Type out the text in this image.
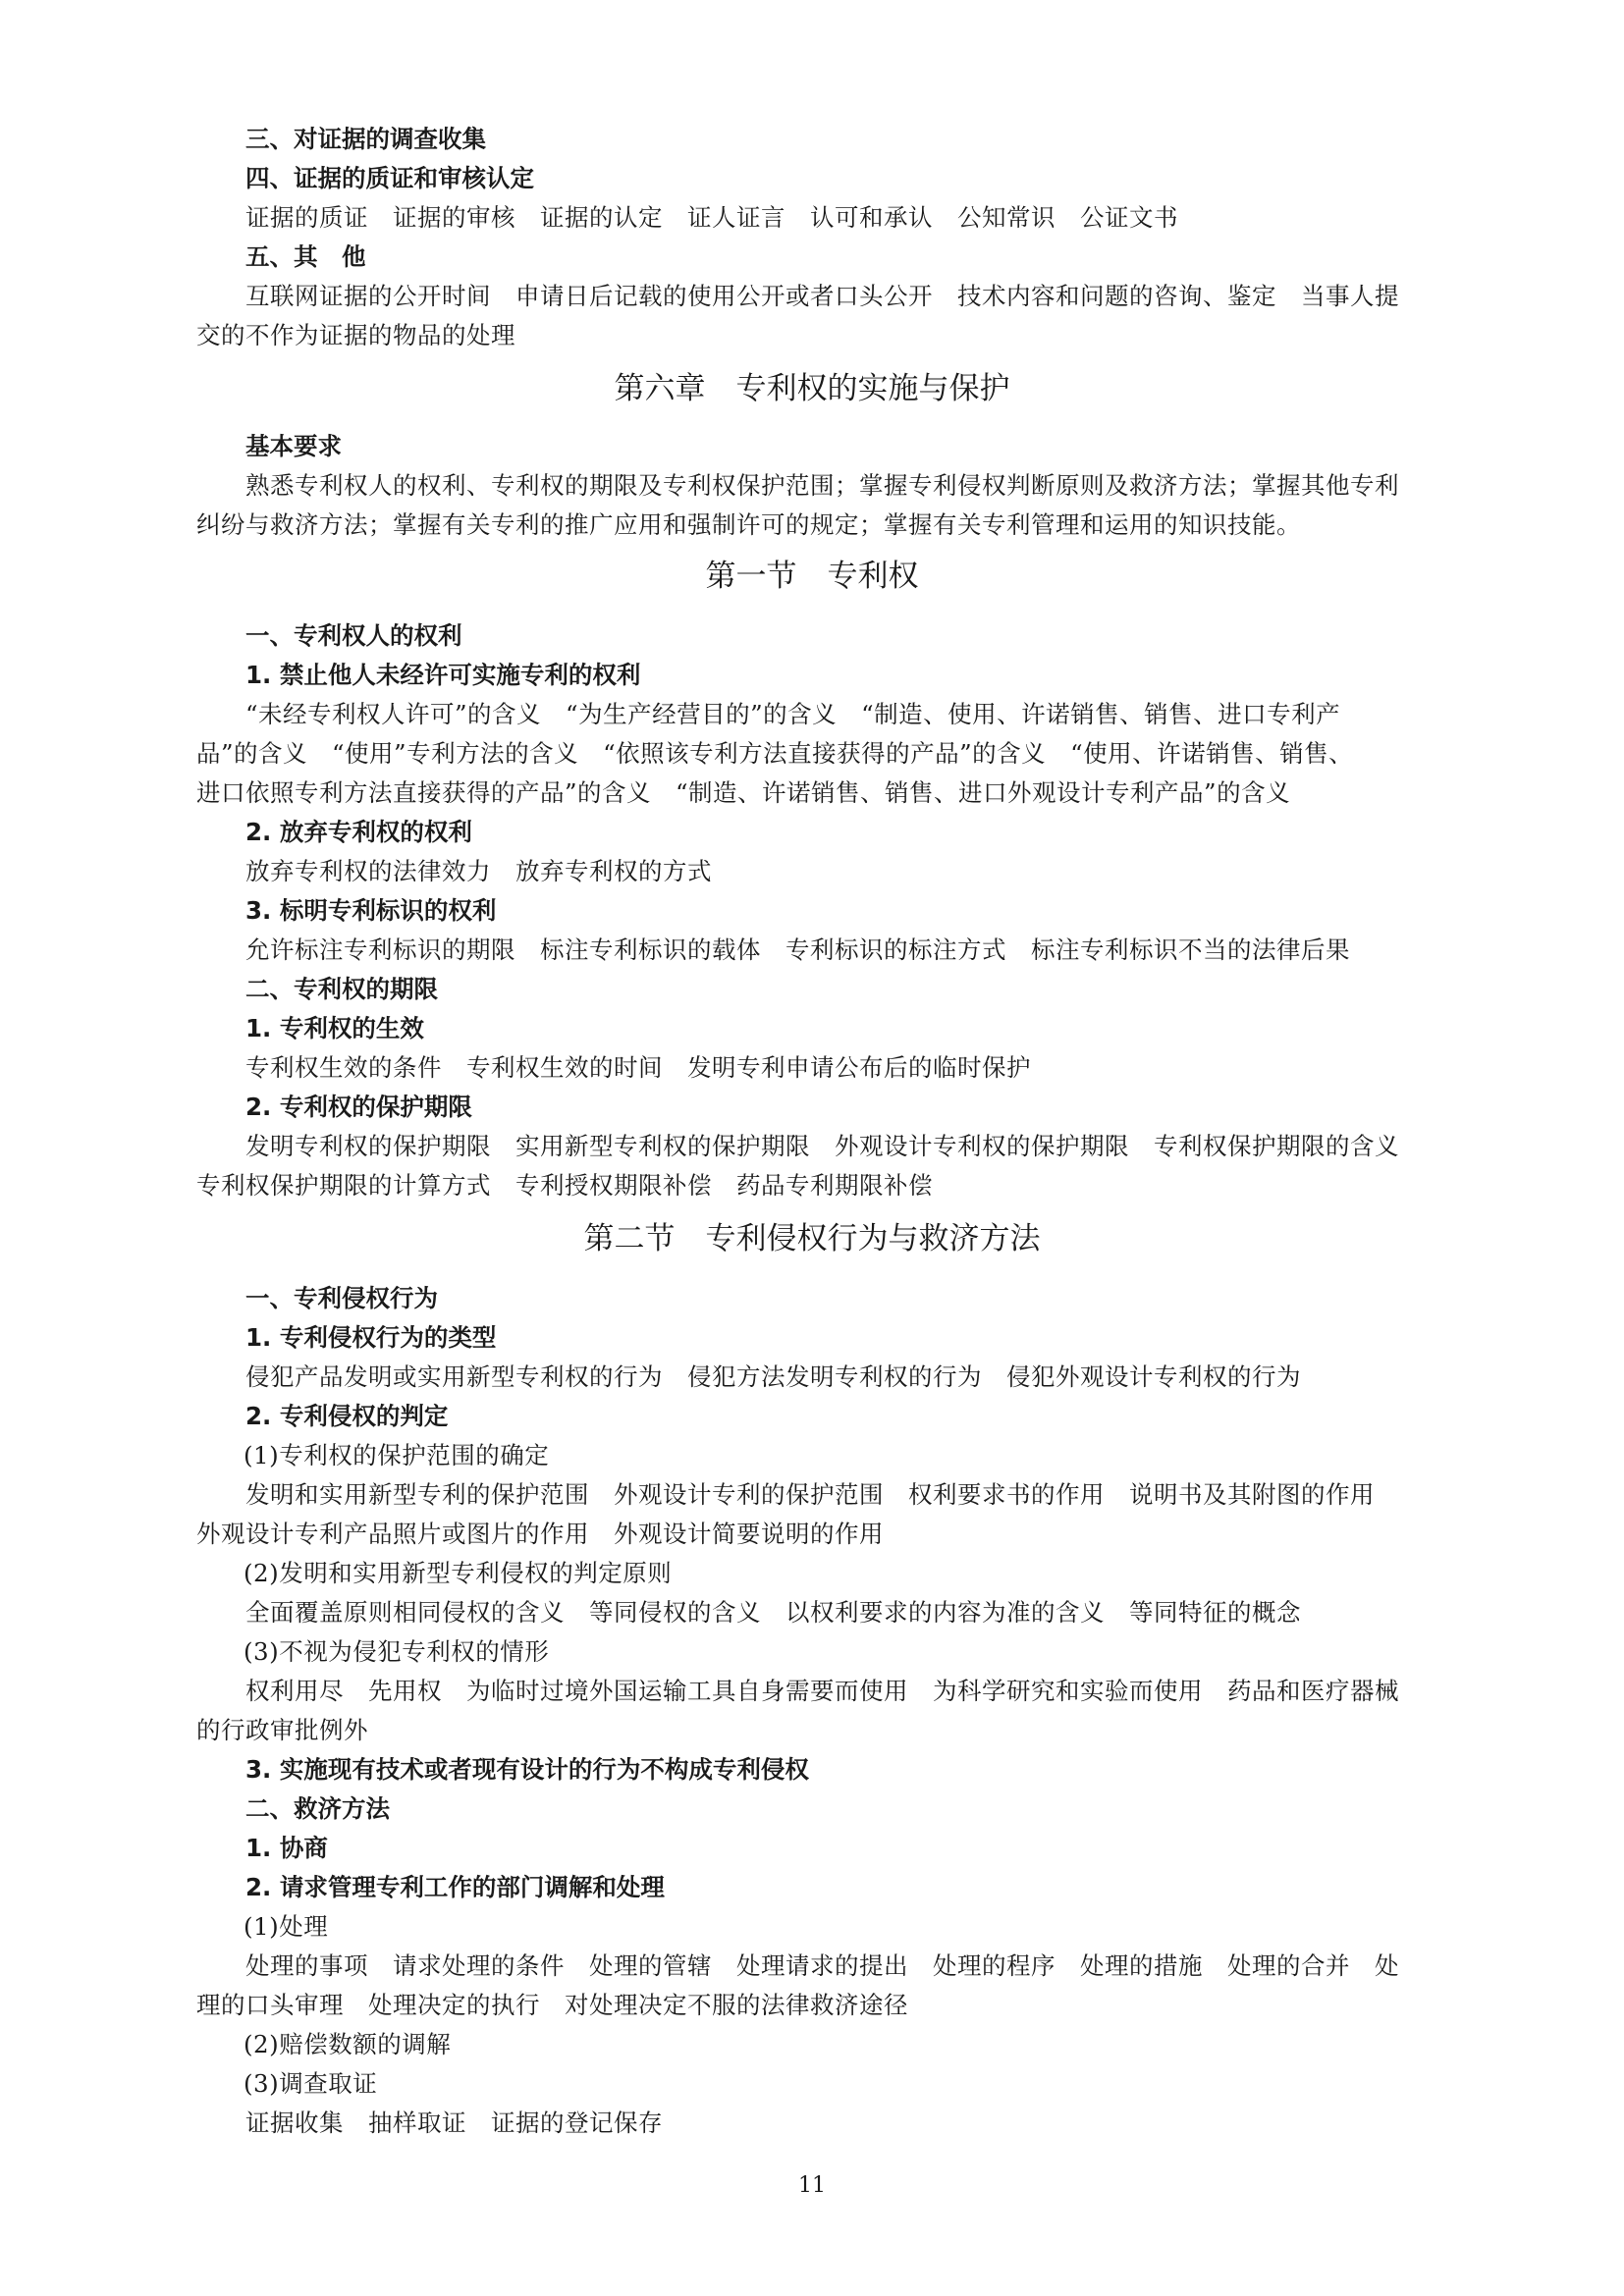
三、对证据的调查收集
四、证据的质证和审核认定
证据的质证　证据的审核　证据的认定　证人证言　认可和承认　公知常识　公证文书
五、其　他
互联网证据的公开时间　申请日后记载的使用公开或者口头公开　技术内容和问题的咨询、鉴定　当事人提
交的不作为证据的物品的处理
第六章　专利权的实施与保护
基本要求
熟悉专利权人的权利、专利权的期限及专利权保护范围；掌握专利侵权判断原则及救济方法；掌握其他专利
纠纷与救济方法；掌握有关专利的推广应用和强制许可的规定；掌握有关专利管理和运用的知识技能。
第一节　专利权
一、专利权人的权利
1. 禁止他人未经许可实施专利的权利
“未经专利权人许可”的含义　“为生产经营目的”的含义　“制造、使用、许诺销售、销售、进口专利产
品”的含义　“使用”专利方法的含义　“依照该专利方法直接获得的产品”的含义　“使用、许诺销售、销售、
进口依照专利方法直接获得的产品”的含义　“制造、许诺销售、销售、进口外观设计专利产品”的含义
2. 放弃专利权的权利
放弃专利权的法律效力　放弃专利权的方式
3. 标明专利标识的权利
允许标注专利标识的期限　标注专利标识的载体　专利标识的标注方式　标注专利标识不当的法律后果
二、专利权的期限
1. 专利权的生效
专利权生效的条件　专利权生效的时间　发明专利申请公布后的临时保护
2. 专利权的保护期限
发明专利权的保护期限　实用新型专利权的保护期限　外观设计专利权的保护期限　专利权保护期限的含义
专利权保护期限的计算方式　专利授权期限补偿　药品专利期限补偿
第二节　专利侵权行为与救济方法
一、专利侵权行为
1. 专利侵权行为的类型
侵犯产品发明或实用新型专利权的行为　侵犯方法发明专利权的行为　侵犯外观设计专利权的行为
2. 专利侵权的判定
(1)专利权的保护范围的确定
发明和实用新型专利的保护范围　外观设计专利的保护范围　权利要求书的作用　说明书及其附图的作用
外观设计专利产品照片或图片的作用　外观设计简要说明的作用
(2)发明和实用新型专利侵权的判定原则
全面覆盖原则相同侵权的含义　等同侵权的含义　以权利要求的内容为准的含义　等同特征的概念
(3)不视为侵犯专利权的情形
权利用尽　先用权　为临时过境外国运输工具自身需要而使用　为科学研究和实验而使用　药品和医疗器械
的行政审批例外
3. 实施现有技术或者现有设计的行为不构成专利侵权
二、救济方法
1. 协商
2. 请求管理专利工作的部门调解和处理
(1)处理
处理的事项　请求处理的条件　处理的管辖　处理请求的提出　处理的程序　处理的措施　处理的合并　处
理的口头审理　处理决定的执行　对处理决定不服的法律救济途径
(2)赔偿数额的调解
(3)调查取证
证据收集　抽样取证　证据的登记保存
11
